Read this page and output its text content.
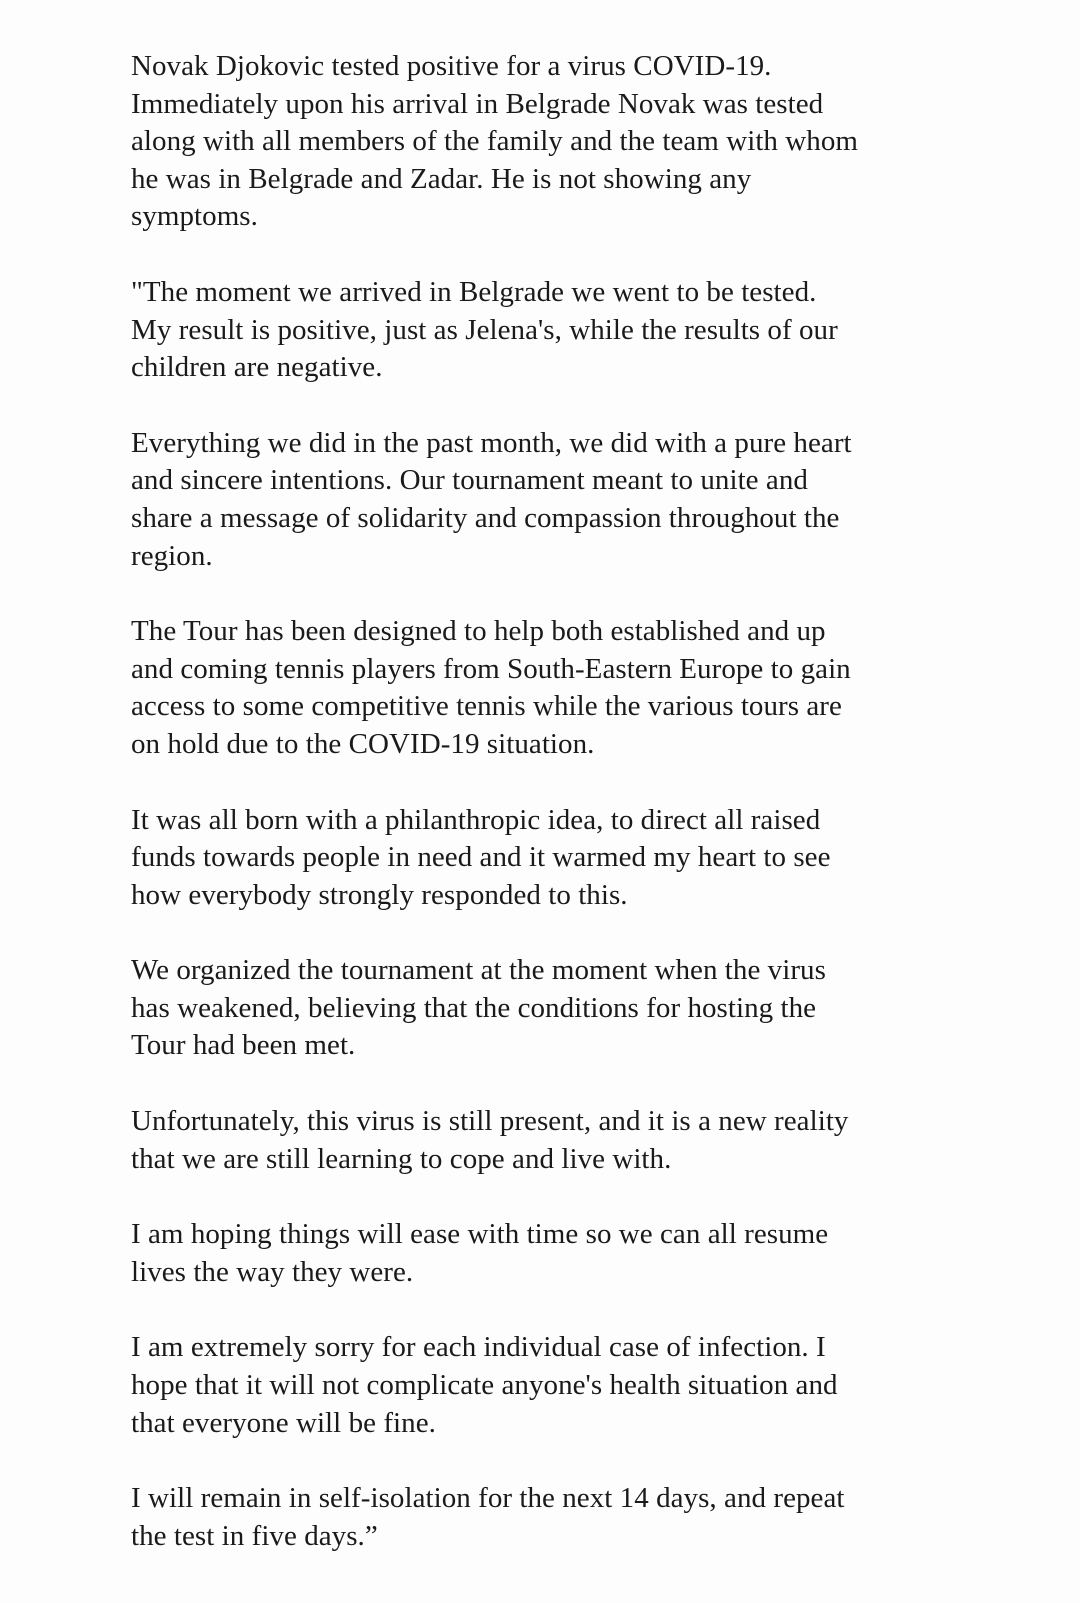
Novak Djokovic tested positive for a virus COVID-19.
Immediately upon his arrival in Belgrade Novak was tested
along with all members of the family and the team with whom
he was in Belgrade and Zadar. He is not showing any
symptoms.

"The moment we arrived in Belgrade we went to be tested.
My result is positive, just as Jelena's, while the results of our
children are negative.

Everything we did in the past month, we did with a pure heart
and sincere intentions. Our tournament meant to unite and
share a message of solidarity and compassion throughout the
region.

The Tour has been designed to help both established and up
and coming tennis players from South-Eastern Europe to gain
access to some competitive tennis while the various tours are
on hold due to the COVID-19 situation.

It was all born with a philanthropic idea, to direct all raised
funds towards people in need and it warmed my heart to see
how everybody strongly responded to this.

We organized the tournament at the moment when the virus
has weakened, believing that the conditions for hosting the
Tour had been met.

Unfortunately, this virus is still present, and it is a new reality
that we are still learning to cope and live with.

I am hoping things will ease with time so we can all resume
lives the way they were.

I am extremely sorry for each individual case of infection. I
hope that it will not complicate anyone's health situation and
that everyone will be fine.

I will remain in self-isolation for the next 14 days, and repeat
the test in five days.”
